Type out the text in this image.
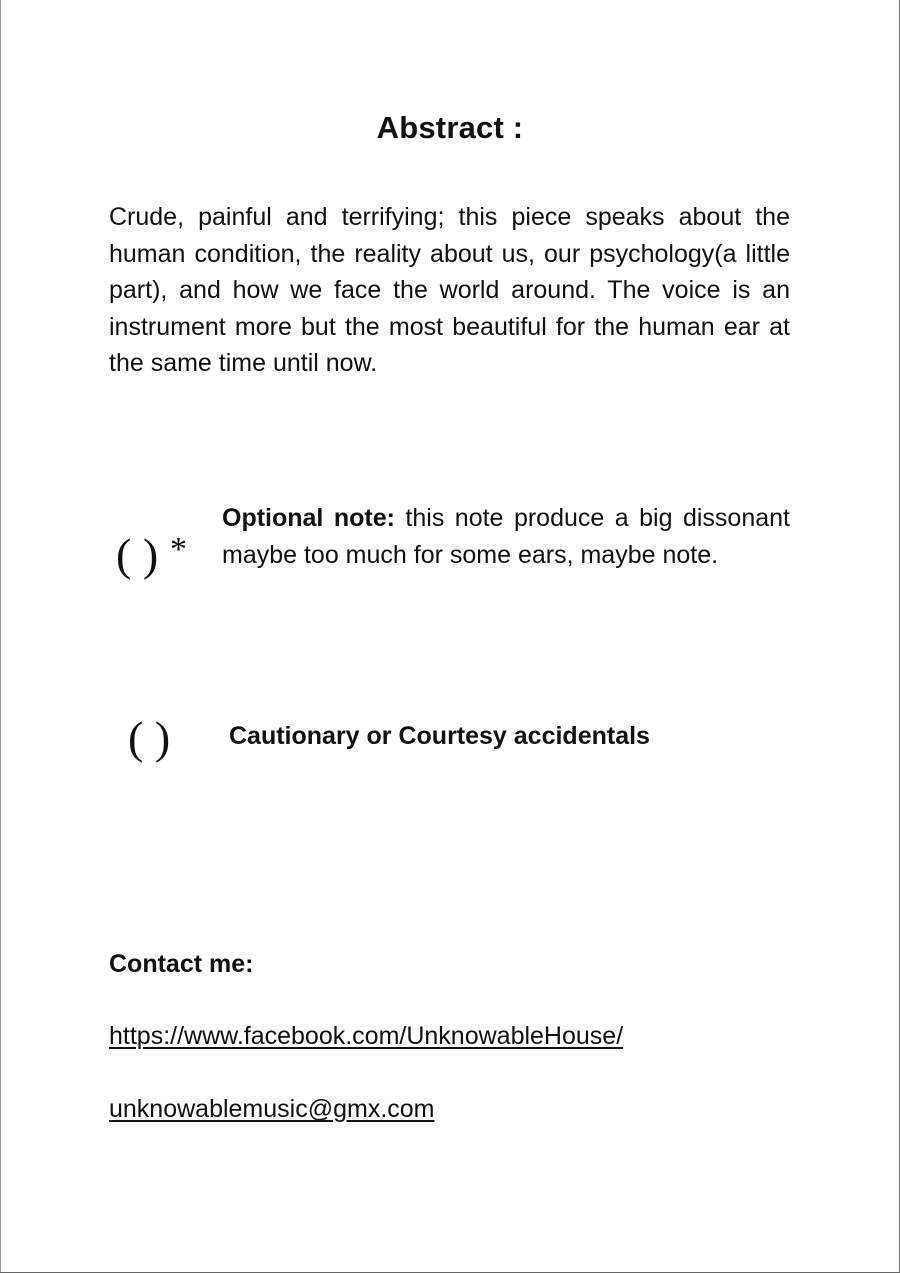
Abstract :

Crude, painful and terrifying; this piece speaks about the human condition, the reality about us, our psychology(a little part), and how we face the world around. The voice is an instrument more but the most beautiful for the human ear at the same time until now.

( ) *

Optional note: this note produce a big dissonant maybe too much for some ears, maybe note.

( ) Cautionary or Courtesy accidentals

Contact me:

https://www.facebook.com/UnknowableHouse/
unknowablemusic@gmx.com
